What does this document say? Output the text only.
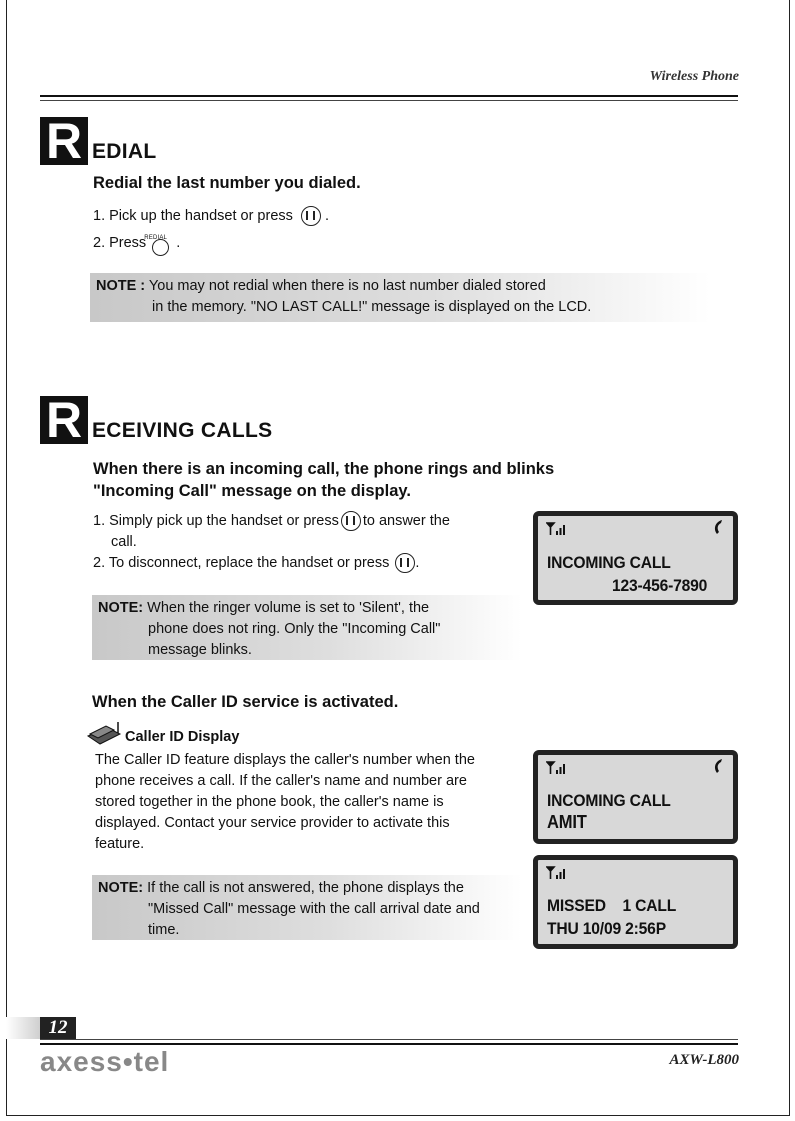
Wireless Phone
R EDIAL
Redial the last number you dialed.
1. Pick up the handset or press .
2. Press
REDIAL .
NOTE : You may not redial when there is no last number dialed stored
in the memory. "NO LAST CALL!" message is displayed on the LCD.
R ECEIVING CALLS
When there is an incoming call, the phone rings and blinks
"Incoming Call" message on the display.
1. Simply pick up the handset or press to answer the
call.
2. To disconnect, replace the handset or press .
NOTE: When the ringer volume is set to 'Silent', the
phone does not ring. Only the "Incoming Call"
message blinks.
INCOMING CALL
123-456-7890
When the Caller ID service is activated.
Caller ID Display
The Caller ID feature displays the caller's number when the
phone receives a call. If the caller's name and number are
stored together in the phone book, the caller's name is
displayed. Contact your service provider to activate this
feature.
NOTE: If the call is not answered, the phone displays the
"Missed Call" message with the call arrival date and
time.
INCOMING CALL
AMIT
MISSED    1 CALL
THU 10/09 2:56P
12
axess•tel	AXW-L800
